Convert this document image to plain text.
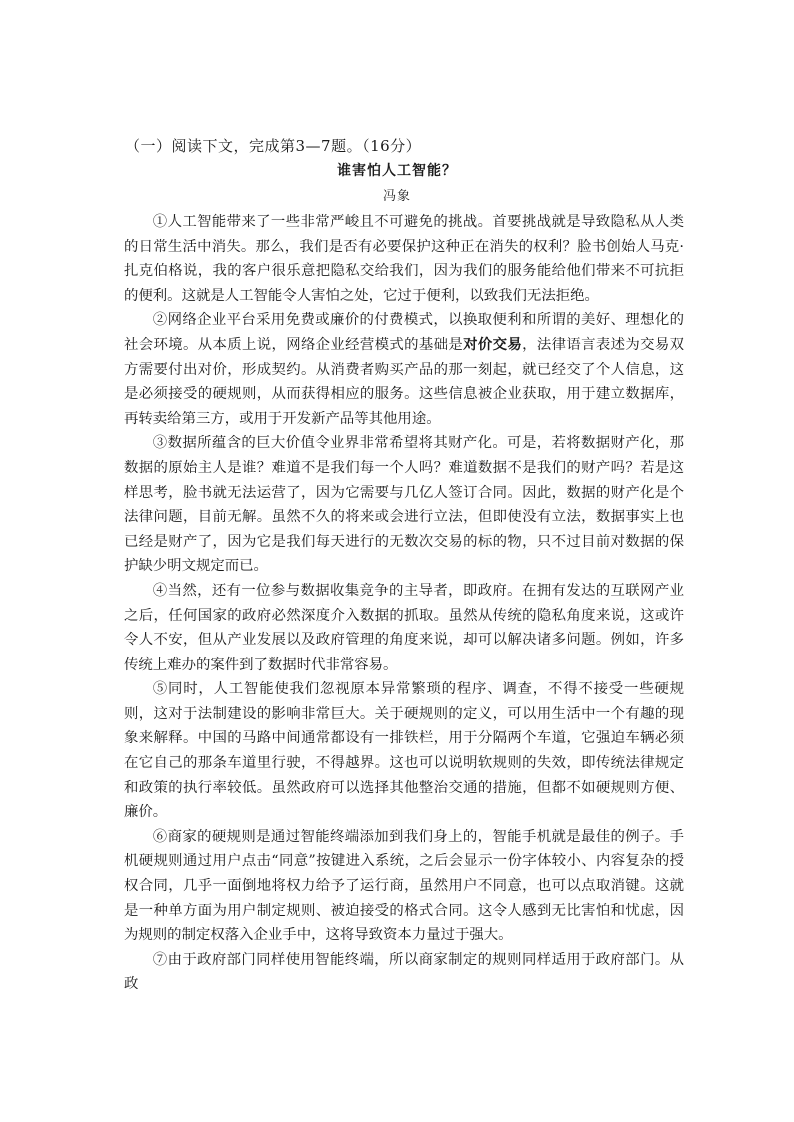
（一）阅读下文，完成第3—7题。（16分）
谁害怕人工智能？
冯象

①人工智能带来了一些非常严峻且不可避免的挑战。首要挑战就是导致隐私从人类的日常生活中消失。那么，我们是否有必要保护这种正在消失的权利？脸书创始人马克·扎克伯格说，我的客户很乐意把隐私交给我们，因为我们的服务能给他们带来不可抗拒的便利。这就是人工智能令人害怕之处，它过于便利，以致我们无法拒绝。

②网络企业平台采用免费或廉价的付费模式，以换取便利和所谓的美好、理想化的社会环境。从本质上说，网络企业经营模式的基础是对价交易，法律语言表述为交易双方需要付出对价，形成契约。从消费者购买产品的那一刻起，就已经交了个人信息，这是必须接受的硬规则，从而获得相应的服务。这些信息被企业获取，用于建立数据库，再转卖给第三方，或用于开发新产品等其他用途。

③数据所蕴含的巨大价值令业界非常希望将其财产化。可是，若将数据财产化，那数据的原始主人是谁？难道不是我们每一个人吗？难道数据不是我们的财产吗？若是这样思考，脸书就无法运营了，因为它需要与几亿人签订合同。因此，数据的财产化是个法律问题，目前无解。虽然不久的将来或会进行立法，但即使没有立法，数据事实上也已经是财产了，因为它是我们每天进行的无数次交易的标的物，只不过目前对数据的保护缺少明文规定而已。

④当然，还有一位参与数据收集竞争的主导者，即政府。在拥有发达的互联网产业之后，任何国家的政府必然深度介入数据的抓取。虽然从传统的隐私角度来说，这或许令人不安，但从产业发展以及政府管理的角度来说，却可以解决诸多问题。例如，许多传统上难办的案件到了数据时代非常容易。

⑤同时，人工智能使我们忽视原本异常繁琐的程序、调查，不得不接受一些硬规则，这对于法制建设的影响非常巨大。关于硬规则的定义，可以用生活中一个有趣的现象来解释。中国的马路中间通常都设有一排铁栏，用于分隔两个车道，它强迫车辆必须在它自己的那条车道里行驶，不得越界。这也可以说明软规则的失效，即传统法律规定和政策的执行率较低。虽然政府可以选择其他整治交通的措施，但都不如硬规则方便、廉价。

⑥商家的硬规则是通过智能终端添加到我们身上的，智能手机就是最佳的例子。手机硬规则通过用户点击“同意”按键进入系统，之后会显示一份字体较小、内容复杂的授权合同，几乎一面倒地将权力给予了运行商，虽然用户不同意，也可以点取消键。这就是一种单方面为用户制定规则、被迫接受的格式合同。这令人感到无比害怕和忧虑，因为规则的制定权落入企业手中，这将导致资本力量过于强大。

⑦由于政府部门同样使用智能终端，所以商家制定的规则同样适用于政府部门。从政
